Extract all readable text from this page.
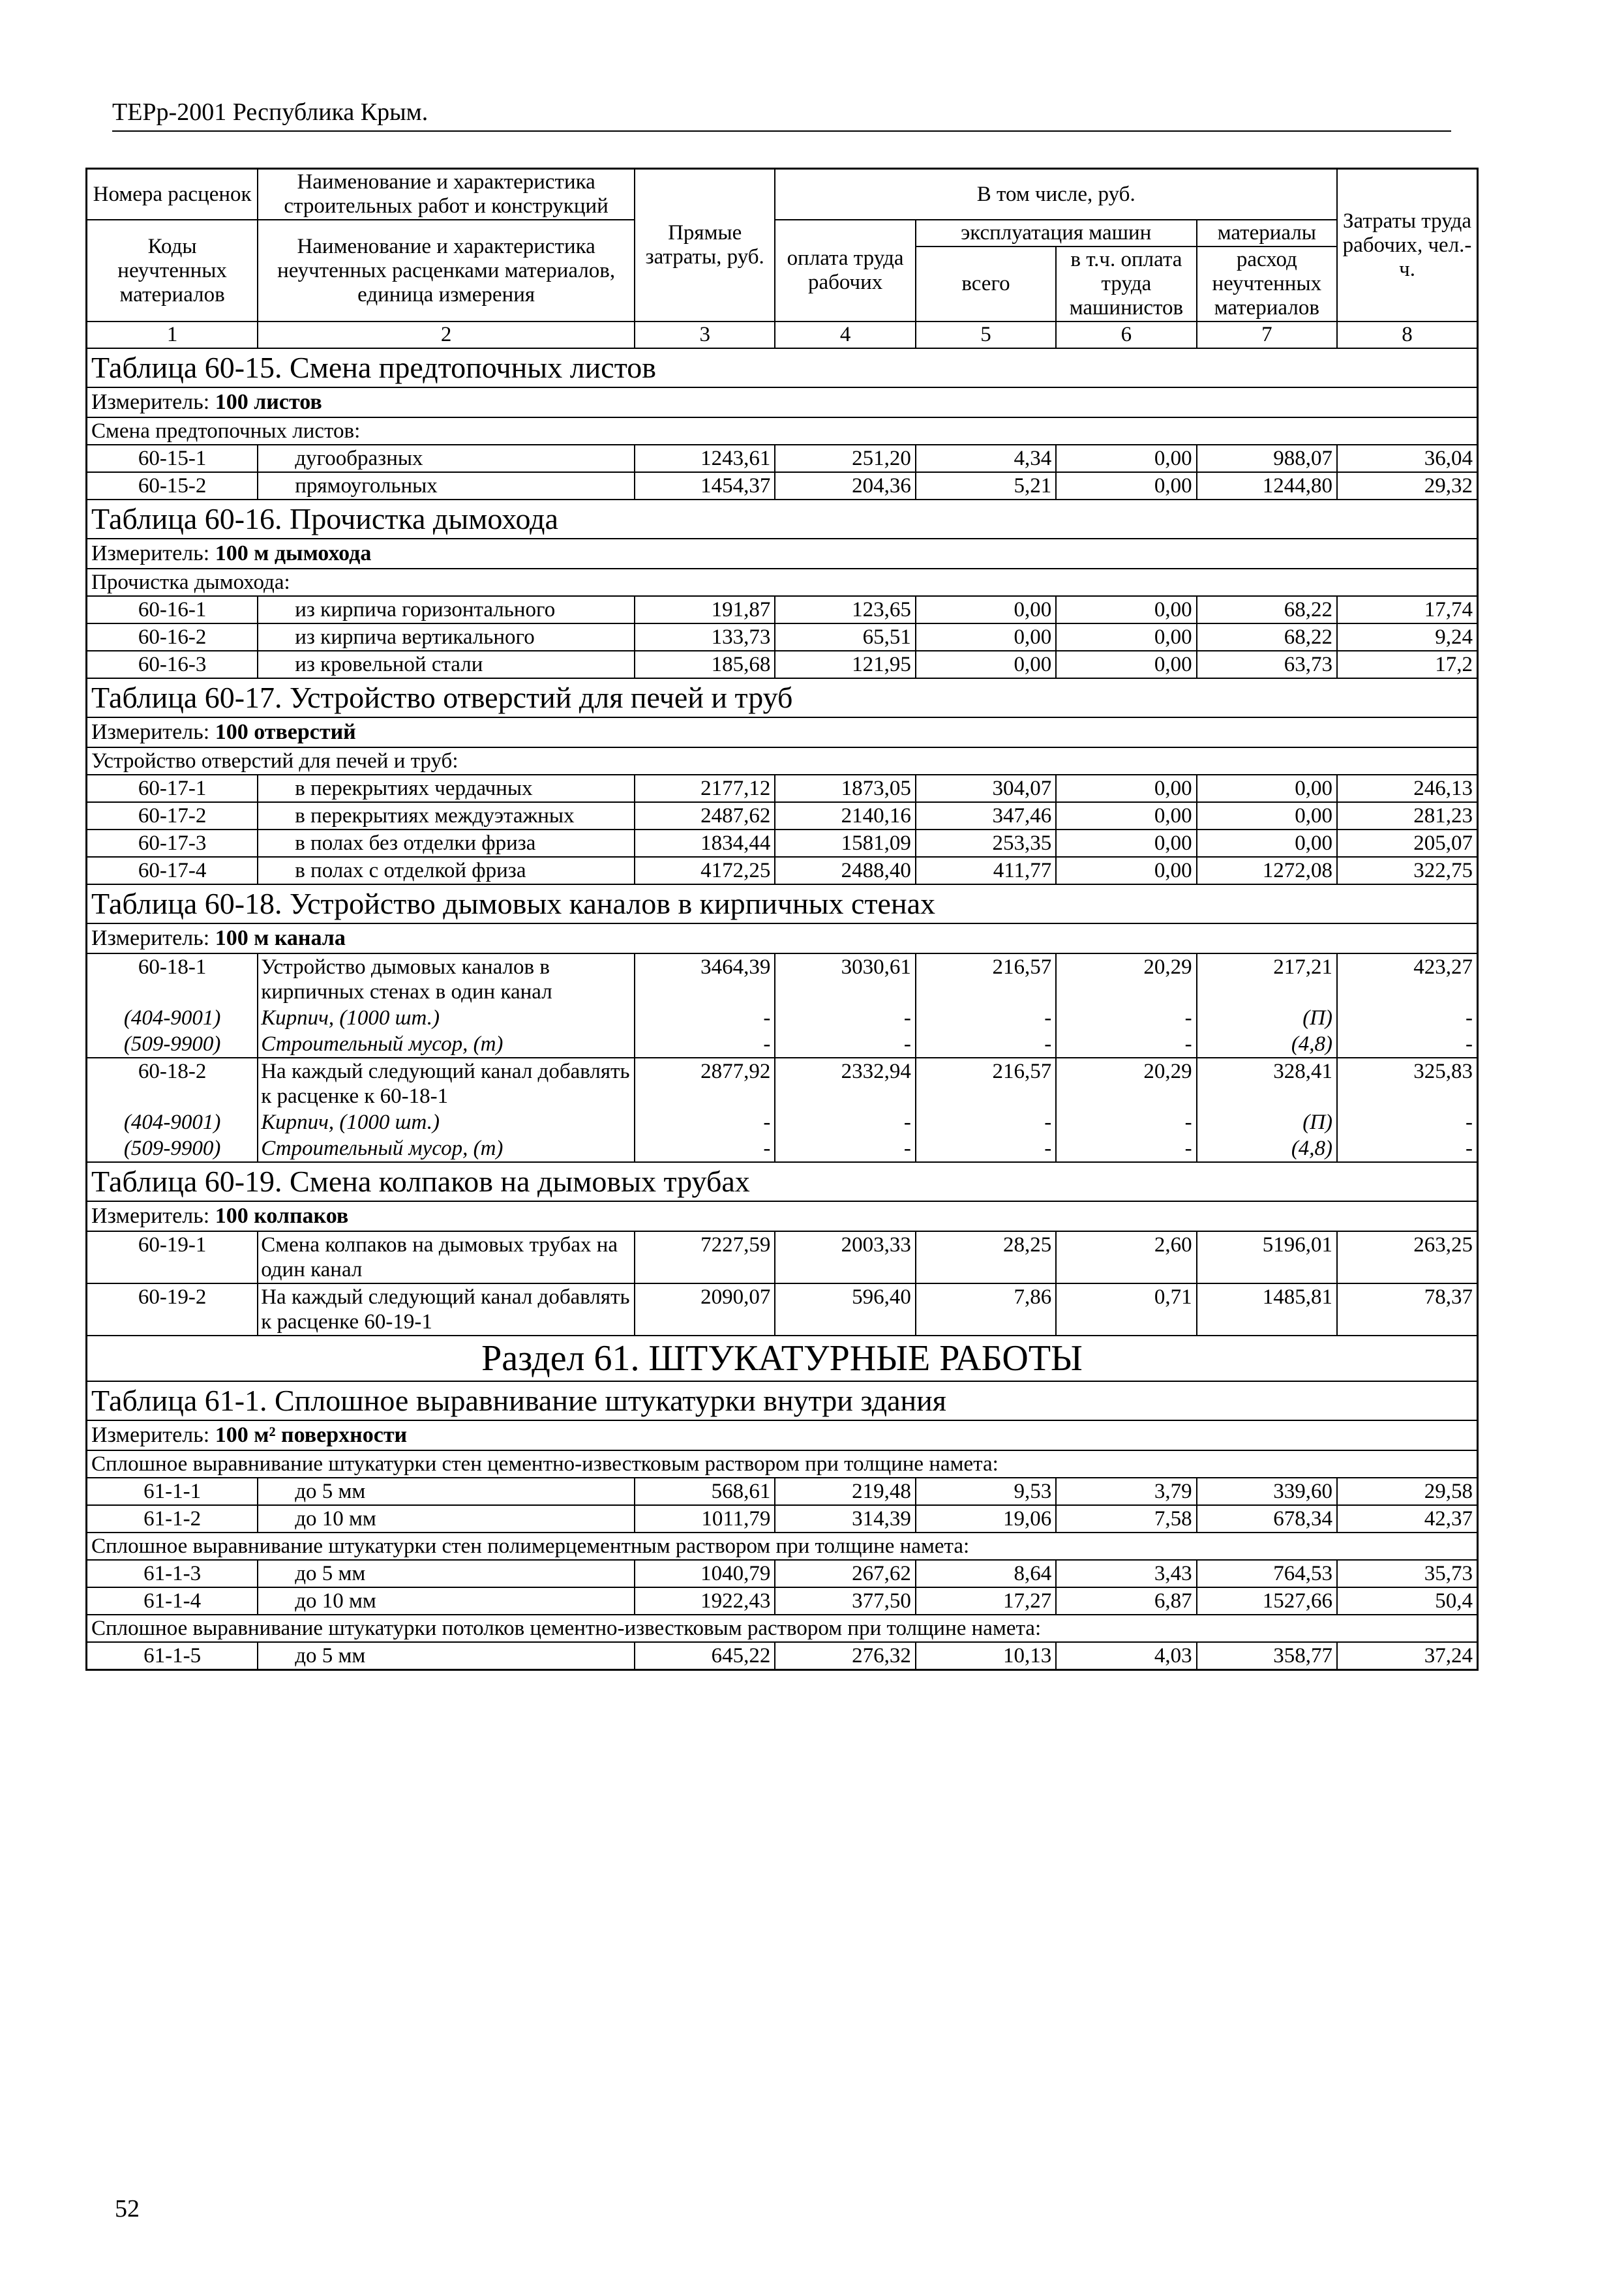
ТЕРр-2001 Республика Крым.
Номера расценок	Наименование и характеристика строительных работ и конструкций	Прямые затраты, руб.	В том числе, руб.				Затраты труда рабочих, чел.-ч.
Коды неучтенных материалов	Наименование и характеристика неучтенных расценками материалов, единица измерения		оплата труда рабочих	эксплуатация машин		материалы	
				всего	в т.ч. оплата труда машинистов	расход неучтенных материалов	
1	2	3	4	5	6	7	8
Таблица 60-15. Смена предтопочных листов							
Измеритель: 100 листов							
Смена предтопочных листов:							
60-15-1	дугообразных	1243,61	251,20	4,34	0,00	988,07	36,04
60-15-2	прямоугольных	1454,37	204,36	5,21	0,00	1244,80	29,32
Таблица 60-16. Прочистка дымохода							
Измеритель: 100 м дымохода							
Прочистка дымохода:							
60-16-1	из кирпича горизонтального	191,87	123,65	0,00	0,00	68,22	17,74
60-16-2	из кирпича вертикального	133,73	65,51	0,00	0,00	68,22	9,24
60-16-3	из кровельной стали	185,68	121,95	0,00	0,00	63,73	17,2
Таблица 60-17. Устройство отверстий для печей и труб							
Измеритель: 100 отверстий							
Устройство отверстий для печей и труб:							
60-17-1	в перекрытиях чердачных	2177,12	1873,05	304,07	0,00	0,00	246,13
60-17-2	в перекрытиях междуэтажных	2487,62	2140,16	347,46	0,00	0,00	281,23
60-17-3	в полах без отделки фриза	1834,44	1581,09	253,35	0,00	0,00	205,07
60-17-4	в полах с отделкой фриза	4172,25	2488,40	411,77	0,00	1272,08	322,75
Таблица 60-18. Устройство дымовых каналов в кирпичных стенах							
Измеритель: 100 м канала							
60-18-1	Устройство дымовых каналов в кирпичных стенах в один канал	3464,39	3030,61	216,57	20,29	217,21	423,27
(404-9001)	Кирпич, (1000 шт.)	-	-	-	-	(П)	-
(509-9900)	Строительный мусор, (т)	-	-	-	-	(4,8)	-
60-18-2	На каждый следующий канал добавлять к расценке к 60-18-1	2877,92	2332,94	216,57	20,29	328,41	325,83
(404-9001)	Кирпич, (1000 шт.)	-	-	-	-	(П)	-
(509-9900)	Строительный мусор, (т)	-	-	-	-	(4,8)	-
Таблица 60-19. Смена колпаков на дымовых трубах							
Измеритель: 100 колпаков							
60-19-1	Смена колпаков на дымовых трубах на один канал	7227,59	2003,33	28,25	2,60	5196,01	263,25
60-19-2	На каждый следующий канал добавлять к расценке 60-19-1	2090,07	596,40	7,86	0,71	1485,81	78,37
Раздел 61. ШТУКАТУРНЫЕ РАБОТЫ							
Таблица 61-1. Сплошное выравнивание штукатурки внутри здания							
Измеритель: 100 м² поверхности							
Сплошное выравнивание штукатурки стен цементно-известковым раствором при толщине намета:							
61-1-1	до 5 мм	568,61	219,48	9,53	3,79	339,60	29,58
61-1-2	до 10 мм	1011,79	314,39	19,06	7,58	678,34	42,37
Сплошное выравнивание штукатурки стен полимерцементным раствором при толщине намета:							
61-1-3	до 5 мм	1040,79	267,62	8,64	3,43	764,53	35,73
61-1-4	до 10 мм	1922,43	377,50	17,27	6,87	1527,66	50,4
Сплошное выравнивание штукатурки потолков цементно-известковым раствором при толщине намета:							
61-1-5	до 5 мм	645,22	276,32	10,13	4,03	358,77	37,24
52
